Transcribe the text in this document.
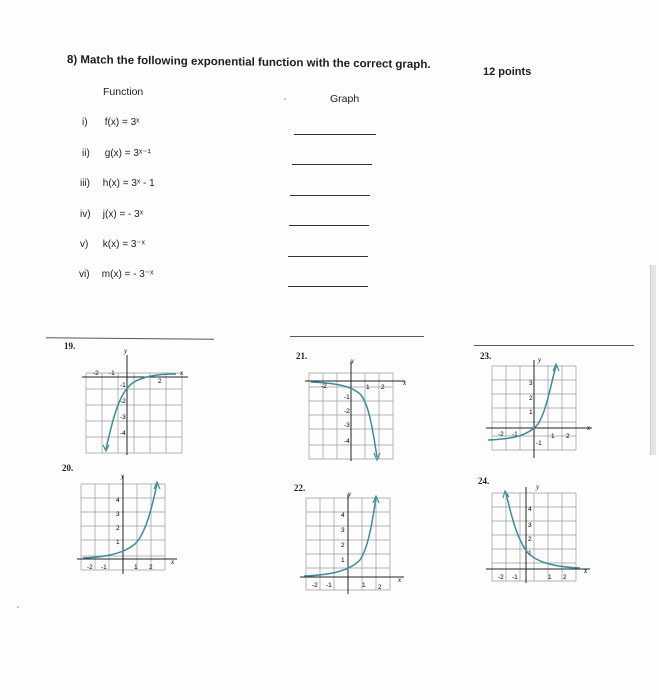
8) Match the following exponential function with the correct graph.
12 points
Function
Graph
i) f(x) = 3ˣ
ii) g(x) = 3ˣ⁻¹
iii) h(x) = 3ˣ - 1
iv) j(x) = - 3ˣ
v) k(x) = 3⁻ˣ
vi) m(x) = - 3⁻ˣ
19.
20.
21.
22.
23.
24.
y
x
-2 -1
2
-1
-2
-3
-4
y
x
-2 -1	1 2
4
3
2
1
y
x
-2	1 2
-1
-2
-3
-4
y
x
-2 -1	1 2
4
3
2
1
y
x
-2 -1	1 2
3
2
1
-1
y
x
-2 -1	1 2
4
3
2
1
